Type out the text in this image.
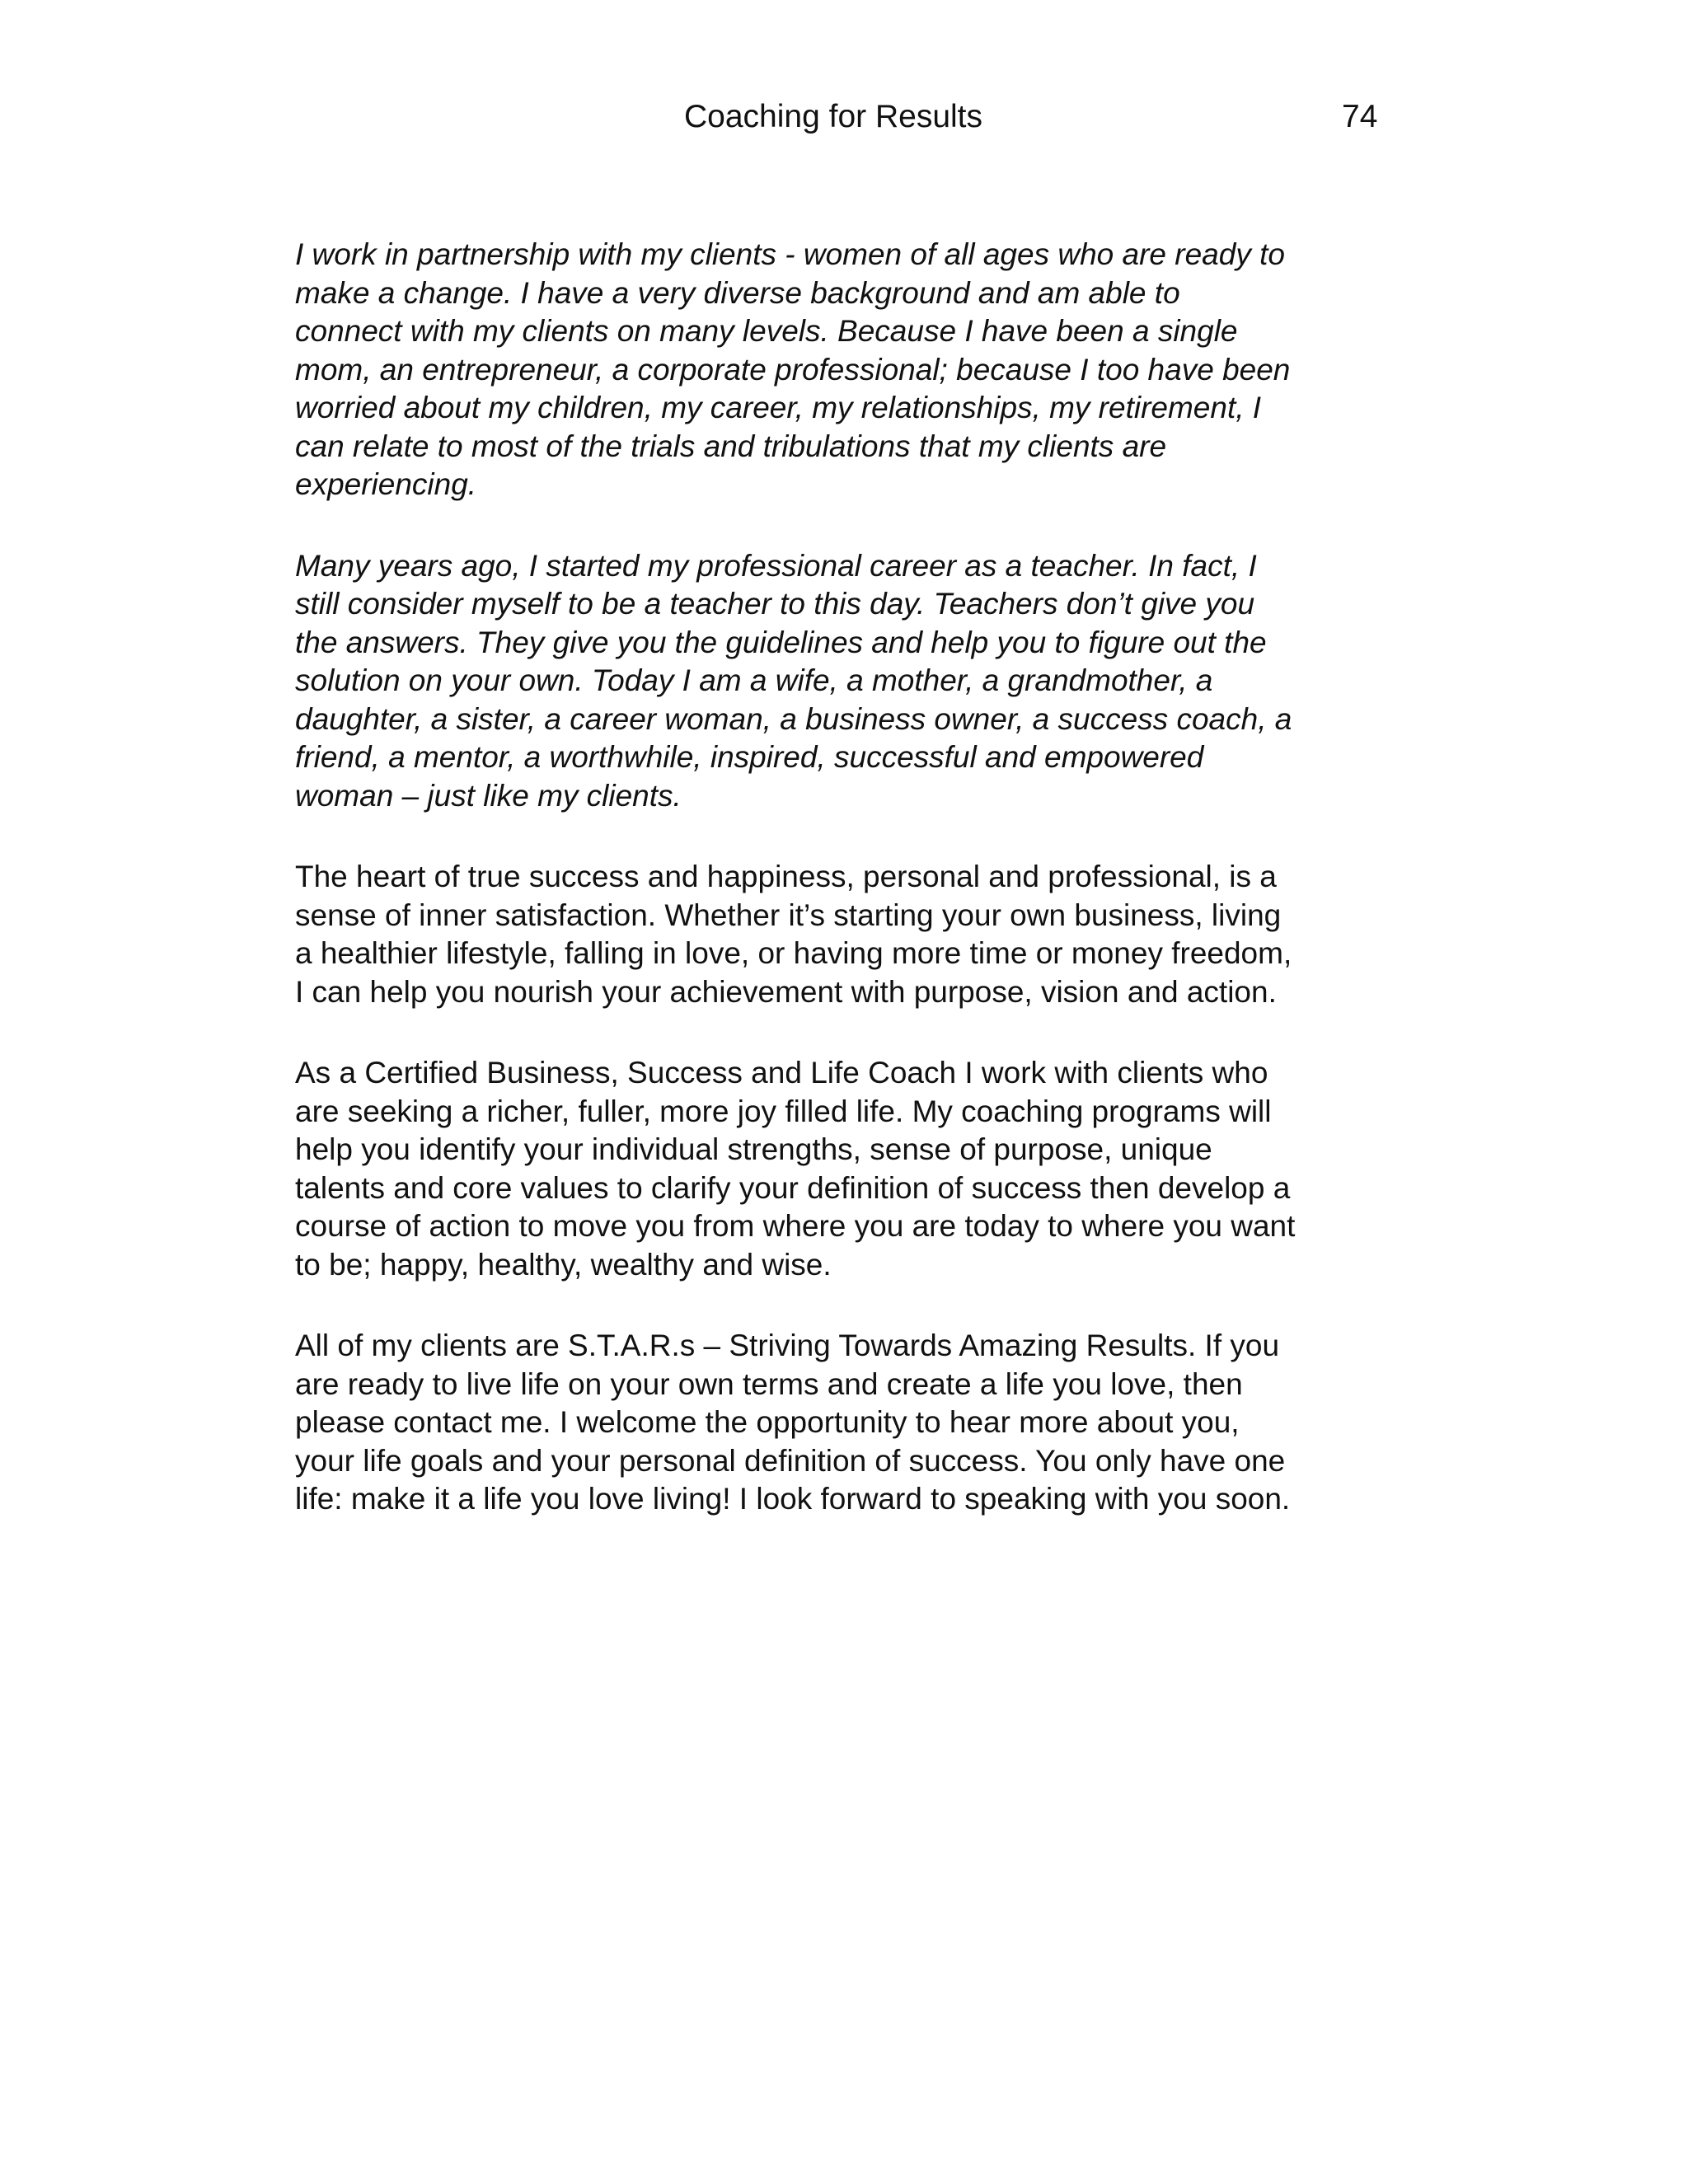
Coaching for Results	74

I work in partnership with my clients - women of all ages who are ready to
make a change. I have a very diverse background and am able to
connect with my clients on many levels. Because I have been a single
mom, an entrepreneur, a corporate professional; because I too have been
worried about my children, my career, my relationships, my retirement, I
can relate to most of the trials and tribulations that my clients are
experiencing.

Many years ago, I started my professional career as a teacher. In fact, I
still consider myself to be a teacher to this day. Teachers don’t give you
the answers. They give you the guidelines and help you to figure out the
solution on your own. Today I am a wife, a mother, a grandmother, a
daughter, a sister, a career woman, a business owner, a success coach, a
friend, a mentor, a worthwhile, inspired, successful and empowered
woman – just like my clients.

The heart of true success and happiness, personal and professional, is a
sense of inner satisfaction. Whether it’s starting your own business, living
a healthier lifestyle, falling in love, or having more time or money freedom,
I can help you nourish your achievement with purpose, vision and action.

As a Certified Business, Success and Life Coach I work with clients who
are seeking a richer, fuller, more joy filled life. My coaching programs will
help you identify your individual strengths, sense of purpose, unique
talents and core values to clarify your definition of success then develop a
course of action to move you from where you are today to where you want
to be; happy, healthy, wealthy and wise.

All of my clients are S.T.A.R.s – Striving Towards Amazing Results. If you
are ready to live life on your own terms and create a life you love, then
please contact me. I welcome the opportunity to hear more about you,
your life goals and your personal definition of success. You only have one
life: make it a life you love living! I look forward to speaking with you soon.
